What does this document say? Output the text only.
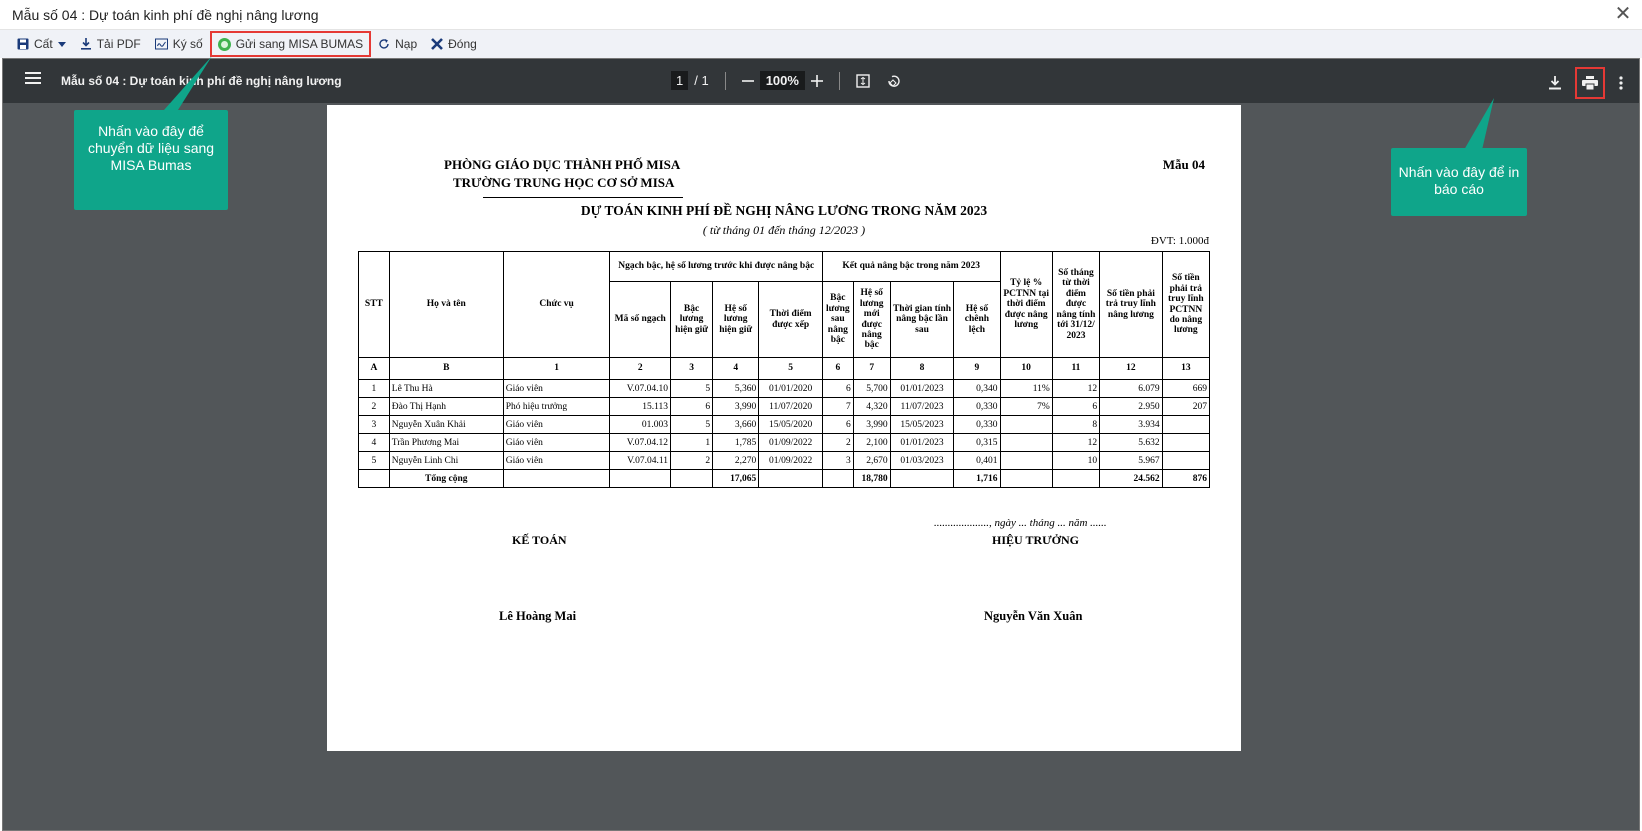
Mẫu số 04 : Dự toán kinh phí đề nghị nâng lương	✕
Cất	Tải PDF	Ký số	Gửi sang MISA BUMAS	Nạp	Đóng
Mẫu số 04 : Dự toán kinh phí đề nghị nâng lương	1 / 1	100%
PHÒNG GIÁO DỤC THÀNH PHỐ MISA
TRƯỜNG TRUNG HỌC CƠ SỞ MISA
Mẫu 04
DỰ TOÁN KINH PHÍ ĐỀ NGHỊ NÂNG LƯƠNG TRONG NĂM 2023
( từ tháng 01 đến tháng 12/2023 )
ĐVT: 1.000đ
STT	Họ và tên	Chức vụ	Ngạch bậc, hệ số lương trước khi được nâng bậc				Kết quả nâng bậc trong năm 2023				Tỷ lệ % PCTNN tại thời điểm được nâng lương	Số tháng từ thời điểm được nâng tính tới 31/12/ 2023	Số tiền phải trả truy lĩnh nâng lương	Số tiền phải trả truy lĩnh PCTNN do nâng lương
			Mã số ngạch	Bậc lương hiện giữ	Hệ số lương hiện giữ	Thời điểm được xếp	Bậc lương sau nâng bậc	Hệ số lương mới được nâng bậc	Thời gian tính nâng bậc lần sau	Hệ số chênh lệch				
A	B	1	2	3	4	5	6	7	8	9	10	11	12	13
1	Lê Thu Hà	Giáo viên	V.07.04.10	5	5,360	01/01/2020	6	5,700	01/01/2023	0,340	11%	12	6.079	669
2	Đào Thị Hạnh	Phó hiệu trưởng	15.113	6	3,990	11/07/2020	7	4,320	11/07/2023	0,330	7%	6	2.950	207
3	Nguyễn Xuân Khải	Giáo viên	01.003	5	3,660	15/05/2020	6	3,990	15/05/2023	0,330		8	3.934	
4	Trần Phương Mai	Giáo viên	V.07.04.12	1	1,785	01/09/2022	2	2,100	01/01/2023	0,315		12	5.632	
5	Nguyễn Linh Chi	Giáo viên	V.07.04.11	2	2,270	01/09/2022	3	2,670	01/03/2023	0,401		10	5.967	
	Tổng cộng				17,065			18,780		1,716			24.562	876
...................., ngày ... tháng ... năm ......
KẾ TOÁN	HIỆU TRƯỞNG
Lê Hoàng Mai	Nguyễn Văn Xuân
Nhấn vào đây để chuyển dữ liệu sang MISA Bumas	Nhấn vào đây để in báo cáo
